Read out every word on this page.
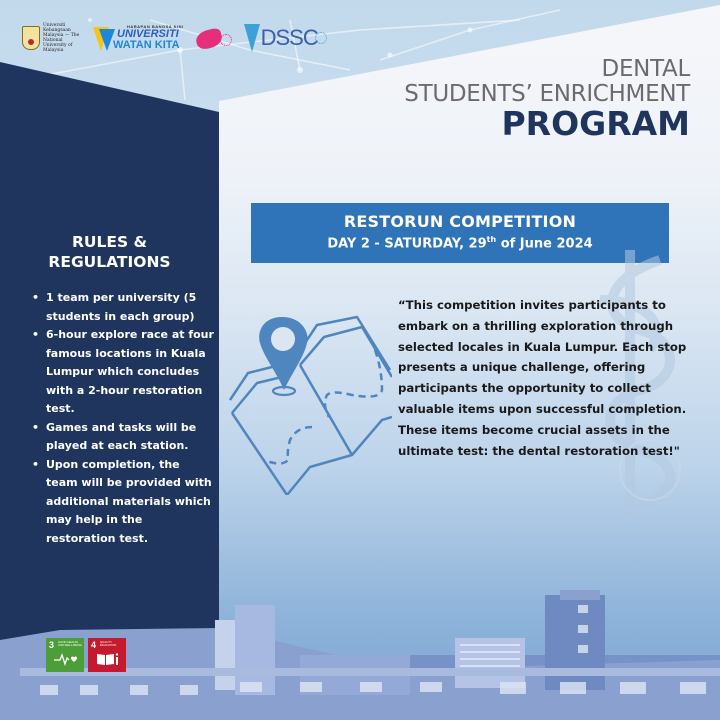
Universiti Kebangsaan Malaysia — The National University of Malaysia
HARAPAN BANGSA KINI
UNIVERSITI
WATAN KITA	DSSC
DENTAL
STUDENTS’ ENRICHMENT
PROGRAM
RESTORUN COMPETITION
DAY 2 - SATURDAY, 29th of June 2024
RULES &
REGULATIONS
• 1 team per university (5 students in each group)
• 6-hour explore race at four famous locations in Kuala Lumpur which concludes with a 2-hour restoration test.
• Games and tasks will be played at each station.
• Upon completion, the team will be provided with additional materials which may help in the restoration test.
“This competition invites participants to embark on a thrilling exploration through selected locales in Kuala Lumpur. Each stop presents a unique challenge, offering participants the opportunity to collect valuable items upon successful completion. These items become crucial assets in the ultimate test: the dental restoration test!"
3 GOOD HEALTH AND WELL-BEING 4 QUALITY EDUCATION
